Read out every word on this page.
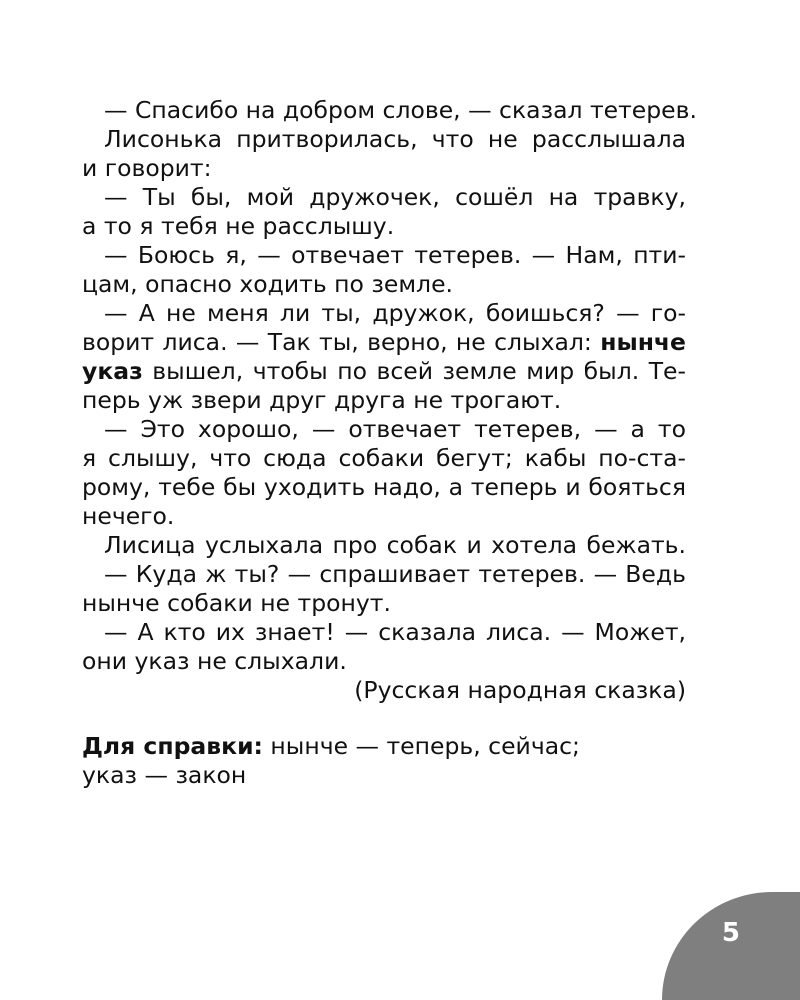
— Спасибо на добром слове, — сказал тетерев.
Лисонька притворилась, что не расслышала
и говорит:
— Ты бы, мой дружочек, сошёл на травку,
а то я тебя не расслышу.
— Боюсь я, — отвечает тетерев. — Нам, пти-
цам, опасно ходить по земле.
— А не меня ли ты, дружок, боишься? — го-
ворит лиса. — Так ты, верно, не слыхал: нынче
указ вышел, чтобы по всей земле мир был. Те-
перь уж звери друг друга не трогают.
— Это хорошо, — отвечает тетерев, — а то
я слышу, что сюда собаки бегут; кабы по-ста-
рому, тебе бы уходить надо, а теперь и бояться
нечего.
Лисица услыхала про собак и хотела бежать.
— Куда ж ты? — спрашивает тетерев. — Ведь
нынче собаки не тронут.
— А кто их знает! — сказала лиса. — Может,
они указ не слыхали.
(Русская народная сказка)
Для справки: нынче — теперь, сейчас;
указ — закон
5
